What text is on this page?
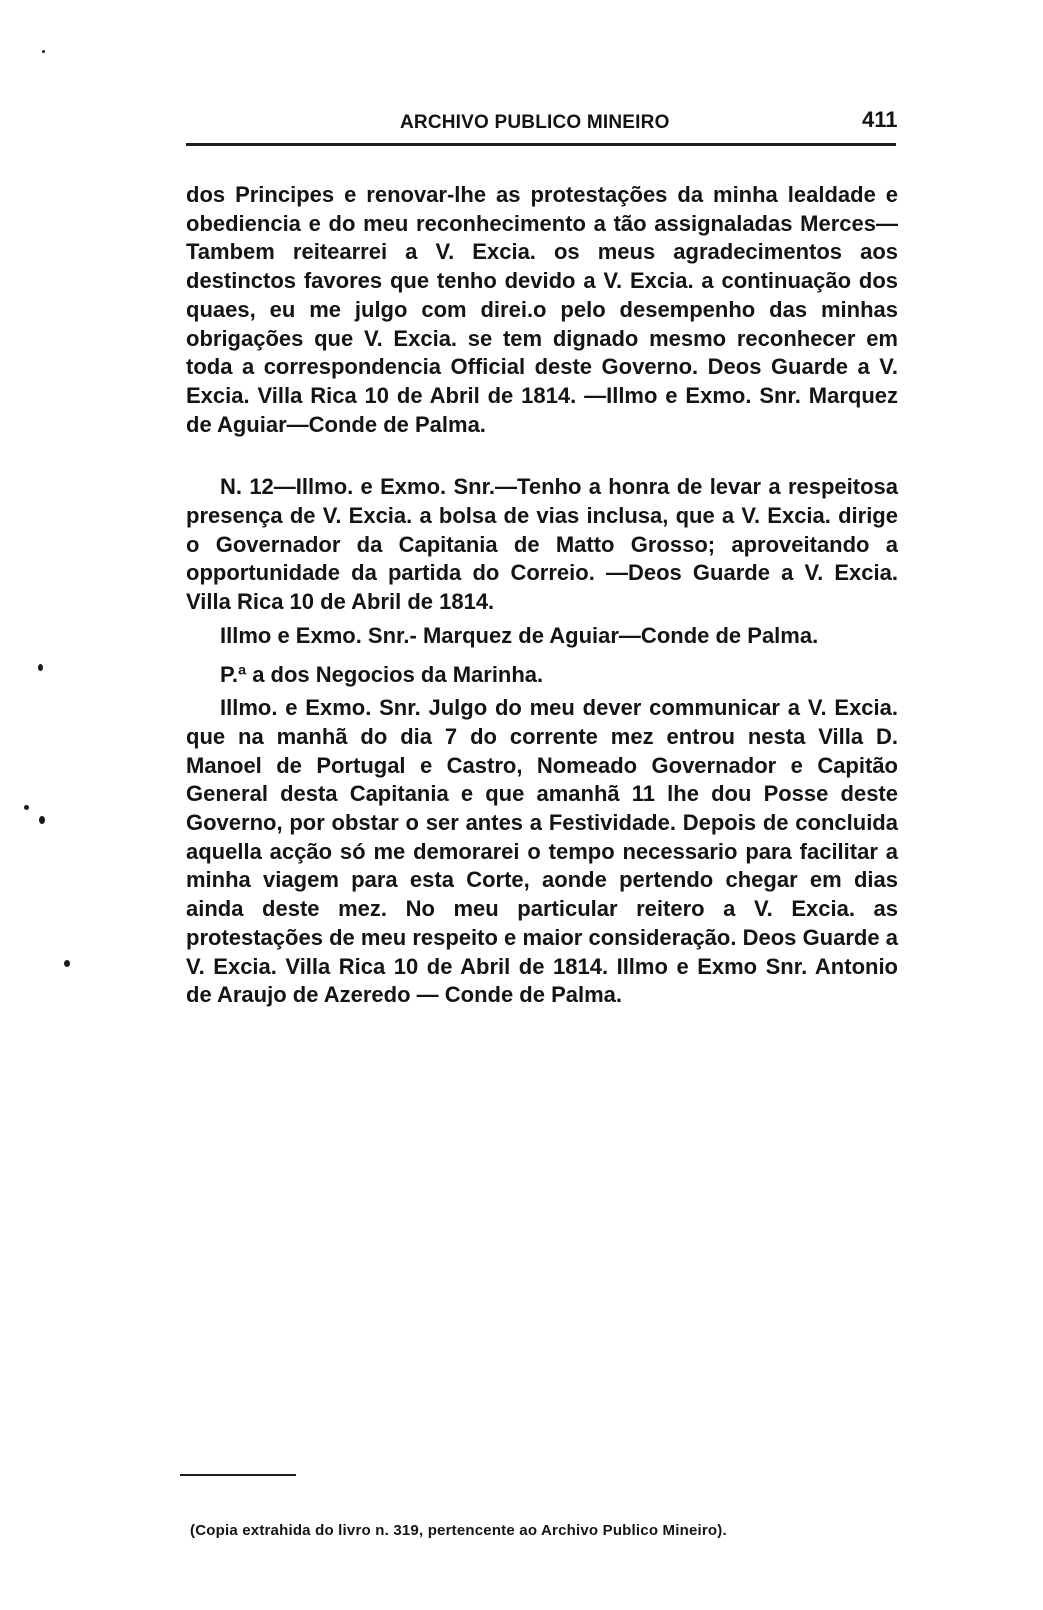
ARCHIVO PUBLICO MINEIRO	411

dos Principes e renovar-lhe as protestações da minha lealdade e obediencia e do meu reconhecimento a tão assignaladas Merces— Tambem reitearrei a V. Excia. os meus agradecimentos aos destinctos favores que tenho devido a V. Excia. a continuação dos quaes, eu me julgo com direi.o pelo desempenho das minhas obrigações que V. Excia. se tem dignado mesmo reconhecer em toda a correspondencia Official deste Governo. Deos Guarde a V. Excia. Villa Rica 10 de Abril de 1814. —Illmo e Exmo. Snr. Marquez de Aguiar—Conde de Palma.

N. 12—Illmo. e Exmo. Snr.—Tenho a honra de levar a respeitosa presença de V. Excia. a bolsa de vias inclusa, que a V. Excia. dirige o Governador da Capitania de Matto Grosso; aproveitando a opportunidade da partida do Correio. —Deos Guarde a V. Excia. Villa Rica 10 de Abril de 1814.

Illmo e Exmo. Snr.- Marquez de Aguiar—Conde de Palma.

P.ª a dos Negocios da Marinha.

Illmo. e Exmo. Snr. Julgo do meu dever communicar a V. Excia. que na manhã do dia 7 do corrente mez entrou nesta Villa D. Manoel de Portugal e Castro, Nomeado Governador e Capitão General desta Capitania e que amanhã 11 lhe dou Posse deste Governo, por obstar o ser antes a Festividade. Depois de concluida aquella acção só me demorarei o tempo necessario para facilitar a minha viagem para esta Corte, aonde pertendo chegar em dias ainda deste mez. No meu particular reitero a V. Excia. as protestações de meu respeito e maior consideração. Deos Guarde a V. Excia. Villa Rica 10 de Abril de 1814. Illmo e Exmo Snr. Antonio de Araujo de Azeredo — Conde de Palma.

(Copia extrahida do livro n. 319, pertencente ao Archivo Publico Mineiro).
